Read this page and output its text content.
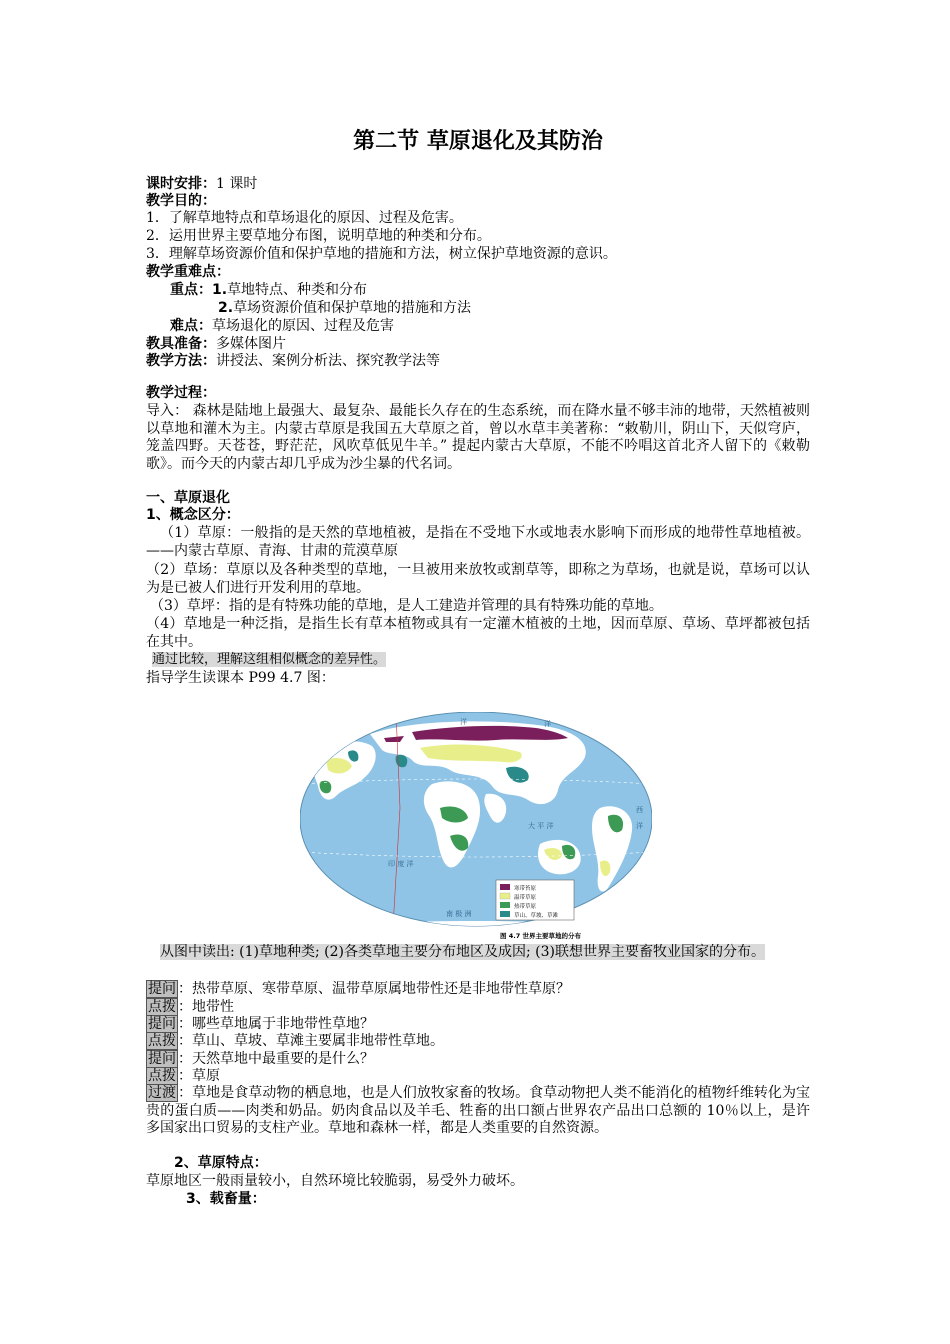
第二节 草原退化及其防治
课时安排：1 课时
教学目的：
1．了解草地特点和草场退化的原因、过程及危害。
2．运用世界主要草地分布图，说明草地的种类和分布。
3．理解草场资源价值和保护草地的措施和方法，树立保护草地资源的意识。
教学重难点：
重点：1.草地特点、种类和分布
2.草场资源价值和保护草地的措施和方法
难点：草场退化的原因、过程及危害
教具准备：多媒体图片
教学方法：讲授法、案例分析法、探究教学法等
教学过程：
导入： 森林是陆地上最强大、最复杂、最能长久存在的生态系统，而在降水量不够丰沛的地带，天然植被则以草地和灌木为主。内蒙古草原是我国五大草原之首，曾以水草丰美著称：“敕勒川，阴山下，天似穹庐，笼盖四野。天苍苍，野茫茫，风吹草低见牛羊。” 提起内蒙古大草原，不能不吟唱这首北齐人留下的《敕勒歌》。而今天的内蒙古却几乎成为沙尘暴的代名词。
一、草原退化
1、概念区分：
（1）草原：一般指的是天然的草地植被，是指在不受地下水或地表水影响下而形成的地带性草地植被。——内蒙古草原、青海、甘肃的荒漠草原
（2）草场：草原以及各种类型的草地，一旦被用来放牧或割草等，即称之为草场，也就是说，草场可以认为是已被人们进行开发利用的草地。
（3）草坪：指的是有特殊功能的草地，是人工建造并管理的具有特殊功能的草地。
（4）草地是一种泛指，是指生长有草本植物或具有一定灌木植被的土地，因而草原、草场、草坪都被包括在其中。
通过比较，理解这组相似概念的差异性。
指导学生读课本 P99 4.7 图：
从图中读出: (1)草地种类; (2)各类草地主要分布地区及成因; (3)联想世界主要畜牧业国家的分布。
提问 ：热带草原、寒带草原、温带草原属地带性还是非地带性草原？
点拨 ：地带性
提问 ：哪些草地属于非地带性草地？
点拨 ：草山、草坡、草滩主要属非地带性草地。
提问 ：天然草地中最重要的是什么？
点拨 ：草原
过渡 ：草地是食草动物的栖息地，也是人们放牧家畜的牧场。食草动物把人类不能消化的植物纤维转化为宝贵的蛋白质——肉类和奶品。奶肉食品以及羊毛、牲畜的出口额占世界农产品出口总额的 10％以上，是许多国家出口贸易的支柱产业。草地和森林一样，都是人类重要的自然资源。
2、草原特点：
草原地区一般雨量较小，自然环境比较脆弱，易受外力破坏。
3、载畜量：
洋	洋
印 度 洋
大 平 洋
南 极 洲
西
洋
寒带苔原
温带草原
热带草原
草山、草坡、草滩
图 4.7 世界主要草地的分布
